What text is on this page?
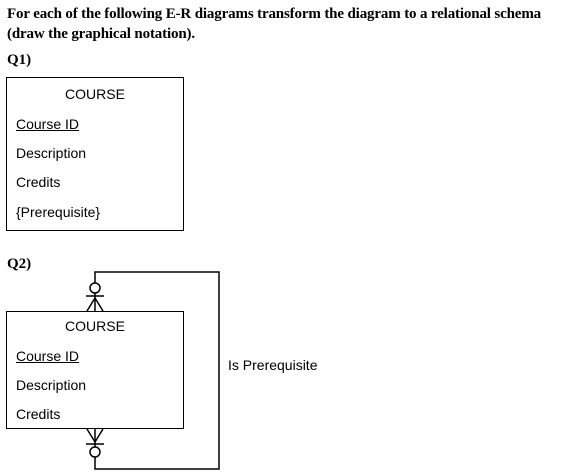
For each of the following E-R diagrams transform the diagram to a relational schema
(draw the graphical notation).
Q1)
COURSE
Course ID
Description
Credits
{Prerequisite}
Q2)
COURSE
Course ID
Description
Credits
Is Prerequisite
